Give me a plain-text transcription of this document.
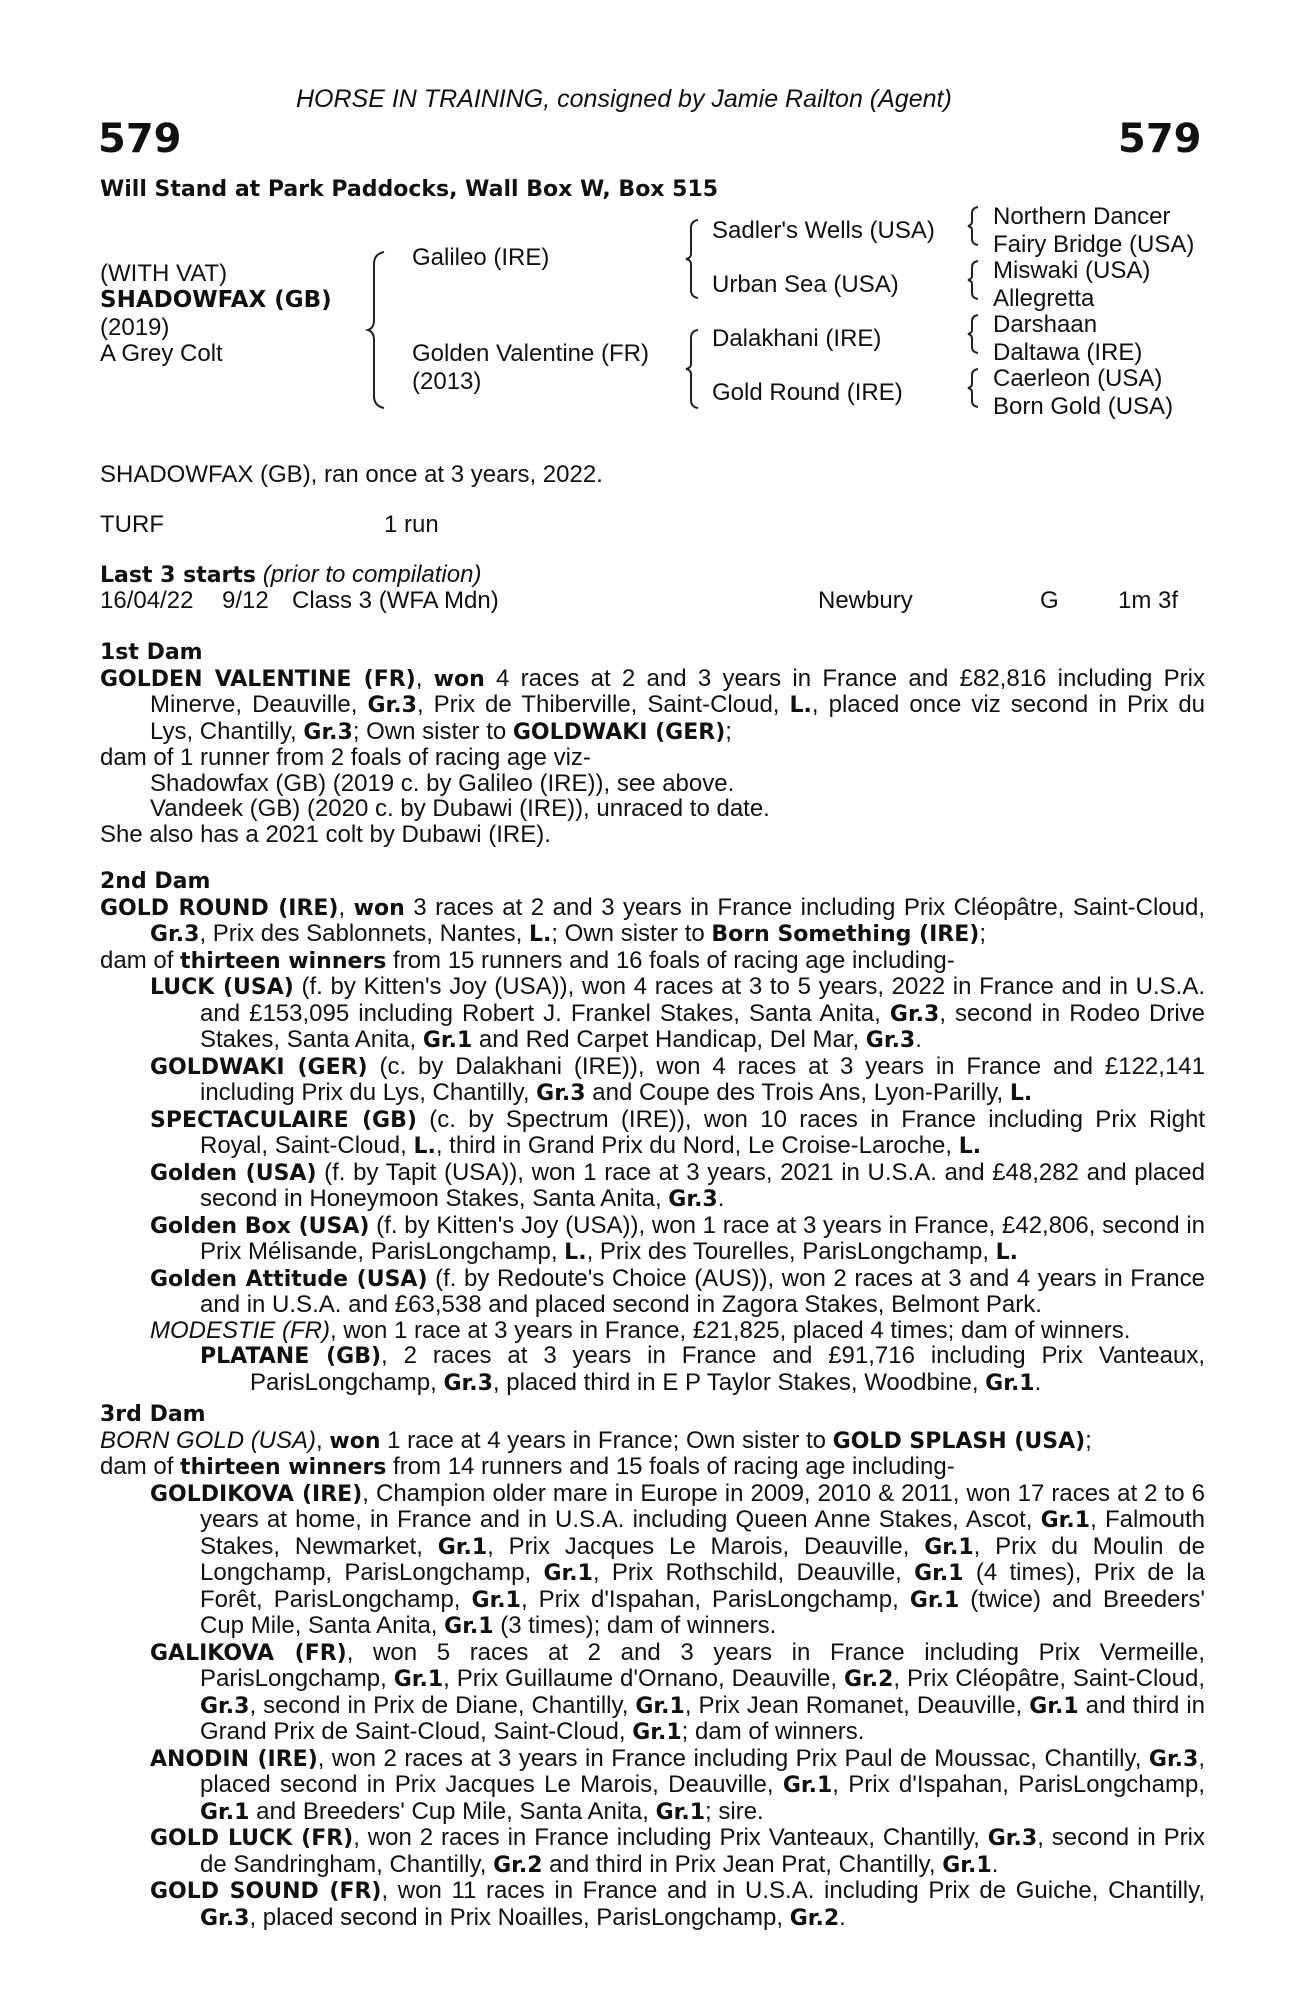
HORSE IN TRAINING, consigned by Jamie Railton (Agent)
579	579
Will Stand at Park Paddocks, Wall Box W, Box 515
(WITH VAT)
SHADOWFAX (GB)
(2019)
A Grey Colt
Galileo (IRE)
Golden Valentine (FR)
(2013)
Sadler's Wells (USA)
Urban Sea (USA)
Dalakhani (IRE)
Gold Round (IRE)
Northern Dancer
Fairy Bridge (USA)
Miswaki (USA)
Allegretta
Darshaan
Daltawa (IRE)
Caerleon (USA)
Born Gold (USA)
SHADOWFAX (GB), ran once at 3 years, 2022.
TURF	1 run
Last 3 starts (prior to compilation)
16/04/22 9/12 Class 3 (WFA Mdn)	Newbury	G 1m 3f
1st Dam
GOLDEN VALENTINE (FR), won 4 races at 2 and 3 years in France and £82,816 including Prix Minerve, Deauville, Gr.3, Prix de Thiberville, Saint-Cloud, L., placed once viz second in Prix du Lys, Chantilly, Gr.3; Own sister to GOLDWAKI (GER);
dam of 1 runner from 2 foals of racing age viz-
Shadowfax (GB) (2019 c. by Galileo (IRE)), see above.
Vandeek (GB) (2020 c. by Dubawi (IRE)), unraced to date.
She also has a 2021 colt by Dubawi (IRE).
2nd Dam
GOLD ROUND (IRE), won 3 races at 2 and 3 years in France including Prix Cléopâtre, Saint-Cloud, Gr.3, Prix des Sablonnets, Nantes, L.; Own sister to Born Something (IRE);
dam of thirteen winners from 15 runners and 16 foals of racing age including-
LUCK (USA) (f. by Kitten's Joy (USA)), won 4 races at 3 to 5 years, 2022 in France and in U.S.A. and £153,095 including Robert J. Frankel Stakes, Santa Anita, Gr.3, second in Rodeo Drive Stakes, Santa Anita, Gr.1 and Red Carpet Handicap, Del Mar, Gr.3.
GOLDWAKI (GER) (c. by Dalakhani (IRE)), won 4 races at 3 years in France and £122,141 including Prix du Lys, Chantilly, Gr.3 and Coupe des Trois Ans, Lyon-Parilly, L.
SPECTACULAIRE (GB) (c. by Spectrum (IRE)), won 10 races in France including Prix Right Royal, Saint-Cloud, L., third in Grand Prix du Nord, Le Croise-Laroche, L.
Golden (USA) (f. by Tapit (USA)), won 1 race at 3 years, 2021 in U.S.A. and £48,282 and placed second in Honeymoon Stakes, Santa Anita, Gr.3.
Golden Box (USA) (f. by Kitten's Joy (USA)), won 1 race at 3 years in France, £42,806, second in Prix Mélisande, ParisLongchamp, L., Prix des Tourelles, ParisLongchamp, L.
Golden Attitude (USA) (f. by Redoute's Choice (AUS)), won 2 races at 3 and 4 years in France and in U.S.A. and £63,538 and placed second in Zagora Stakes, Belmont Park.
MODESTIE (FR), won 1 race at 3 years in France, £21,825, placed 4 times; dam of winners.
PLATANE (GB), 2 races at 3 years in France and £91,716 including Prix Vanteaux, ParisLongchamp, Gr.3, placed third in E P Taylor Stakes, Woodbine, Gr.1.
3rd Dam
BORN GOLD (USA), won 1 race at 4 years in France; Own sister to GOLD SPLASH (USA);
dam of thirteen winners from 14 runners and 15 foals of racing age including-
GOLDIKOVA (IRE), Champion older mare in Europe in 2009, 2010 & 2011, won 17 races at 2 to 6 years at home, in France and in U.S.A. including Queen Anne Stakes, Ascot, Gr.1, Falmouth Stakes, Newmarket, Gr.1, Prix Jacques Le Marois, Deauville, Gr.1, Prix du Moulin de Longchamp, ParisLongchamp, Gr.1, Prix Rothschild, Deauville, Gr.1 (4 times), Prix de la Forêt, ParisLongchamp, Gr.1, Prix d'Ispahan, ParisLongchamp, Gr.1 (twice) and Breeders' Cup Mile, Santa Anita, Gr.1 (3 times); dam of winners.
GALIKOVA (FR), won 5 races at 2 and 3 years in France including Prix Vermeille, ParisLongchamp, Gr.1, Prix Guillaume d'Ornano, Deauville, Gr.2, Prix Cléopâtre, Saint-Cloud, Gr.3, second in Prix de Diane, Chantilly, Gr.1, Prix Jean Romanet, Deauville, Gr.1 and third in Grand Prix de Saint-Cloud, Saint-Cloud, Gr.1; dam of winners.
ANODIN (IRE), won 2 races at 3 years in France including Prix Paul de Moussac, Chantilly, Gr.3, placed second in Prix Jacques Le Marois, Deauville, Gr.1, Prix d'Ispahan, ParisLongchamp, Gr.1 and Breeders' Cup Mile, Santa Anita, Gr.1; sire.
GOLD LUCK (FR), won 2 races in France including Prix Vanteaux, Chantilly, Gr.3, second in Prix de Sandringham, Chantilly, Gr.2 and third in Prix Jean Prat, Chantilly, Gr.1.
GOLD SOUND (FR), won 11 races in France and in U.S.A. including Prix de Guiche, Chantilly, Gr.3, placed second in Prix Noailles, ParisLongchamp, Gr.2.
